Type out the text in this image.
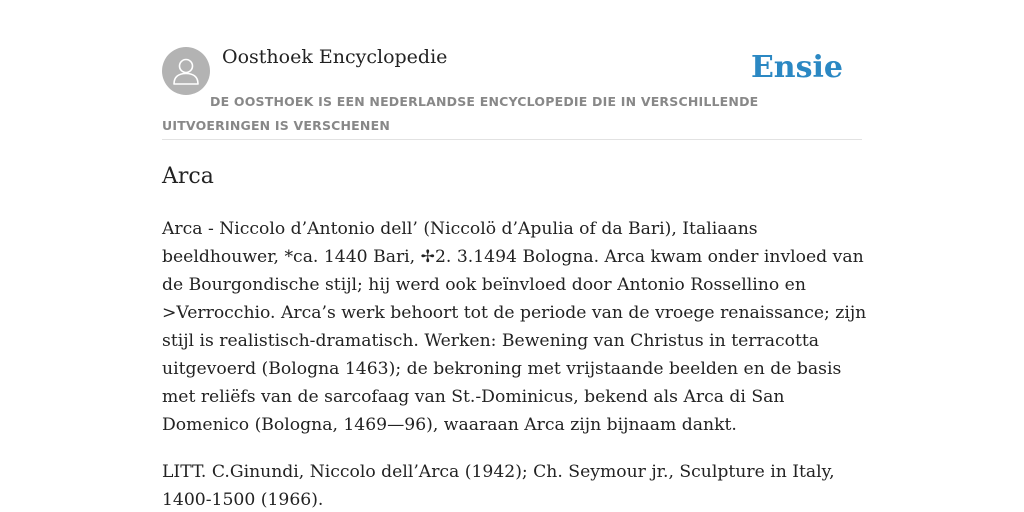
Oosthoek Encyclopedie	Ensie
DE OOSTHOEK IS EEN NEDERLANDSE ENCYCLOPEDIE DIE IN VERSCHILLENDE UITVOERINGEN IS VERSCHENEN
Arca

Arca - Niccolo d’Antonio dell’ (Niccolö d’Apulia of da Bari), Italiaans beeldhouwer, *ca. 1440 Bari, ✢2. 3.1494 Bologna. Arca kwam onder invloed van de Bourgondische stijl; hij werd ook beïnvloed door Antonio Rossellino en >Verrocchio. Arca’s werk behoort tot de periode van de vroege renaissance; zijn stijl is realistisch-dramatisch. Werken: Bewening van Christus in terracotta uitgevoerd (Bologna 1463); de bekroning met vrijstaande beelden en de basis met reliëfs van de sarcofaag van St.-Dominicus, bekend als Arca di San Domenico (Bologna, 1469—96), waaraan Arca zijn bijnaam dankt.

LITT. C.Ginundi, Niccolo dell’Arca (1942); Ch. Seymour jr., Sculpture in Italy, 1400-1500 (1966).
